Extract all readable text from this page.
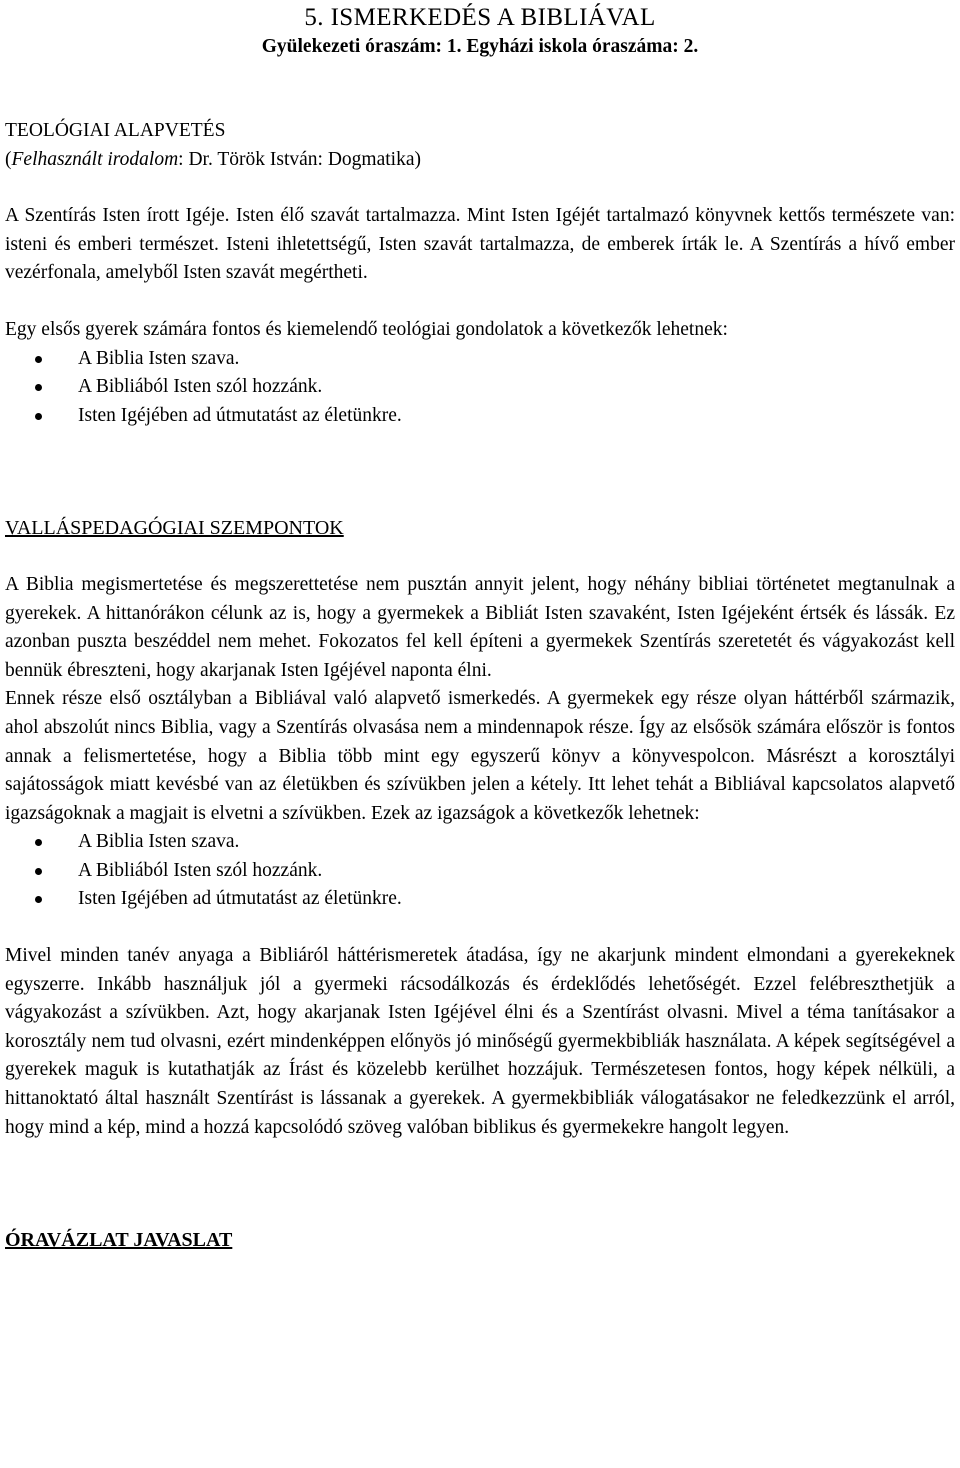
5. ISMERKEDÉS A BIBLIÁVAL

Gyülekezeti óraszám: 1. Egyházi iskola óraszáma: 2.

TEOLÓGIAI ALAPVETÉS

(Felhasznált irodalom: Dr. Török István: Dogmatika)

A Szentírás Isten írott Igéje. Isten élő szavát tartalmazza. Mint Isten Igéjét tartalmazó könyvnek kettős természete van: isteni és emberi természet. Isteni ihletettségű, Isten szavát tartalmazza, de emberek írták le. A Szentírás a hívő ember vezérfonala, amelyből Isten szavát megértheti.

Egy elsős gyerek számára fontos és kiemelendő teológiai gondolatok a következők lehetnek:

A Biblia Isten szava.
A Bibliából Isten szól hozzánk.
Isten Igéjében ad útmutatást az életünkre.

VALLÁSPEDAGÓGIAI SZEMPONTOK

A Biblia megismertetése és megszerettetése nem pusztán annyit jelent, hogy néhány bibliai történetet megtanulnak a gyerekek. A hittanórákon célunk az is, hogy a gyermekek a Bibliát Isten szavaként, Isten Igéjeként értsék és lássák. Ez azonban puszta beszéddel nem mehet. Fokozatos fel kell építeni a gyermekek Szentírás szeretetét és vágyakozást kell bennük ébreszteni, hogy akarjanak Isten Igéjével naponta élni.

Ennek része első osztályban a Bibliával való alapvető ismerkedés. A gyermekek egy része olyan háttérből származik, ahol abszolút nincs Biblia, vagy a Szentírás olvasása nem a mindennapok része. Így az elsősök számára először is fontos annak a felismertetése, hogy a Biblia több mint egy egyszerű könyv a könyvespolcon. Másrészt a korosztályi sajátosságok miatt kevésbé van az életükben és szívükben jelen a kétely. Itt lehet tehát a Bibliával kapcsolatos alapvető igazságoknak a magjait is elvetni a szívükben. Ezek az igazságok a következők lehetnek:

A Biblia Isten szava.
A Bibliából Isten szól hozzánk.
Isten Igéjében ad útmutatást az életünkre.

Mivel minden tanév anyaga a Bibliáról háttérismeretek átadása, így ne akarjunk mindent elmondani a gyerekeknek egyszerre. Inkább használjuk jól a gyermeki rácsodálkozás és érdeklődés lehetőségét. Ezzel felébreszthetjük a vágyakozást a szívükben. Azt, hogy akarjanak Isten Igéjével élni és a Szentírást olvasni. Mivel a téma tanításakor a korosztály nem tud olvasni, ezért mindenképpen előnyös jó minőségű gyermekbibliák használata. A képek segítségével a gyerekek maguk is kutathatják az Írást és közelebb kerülhet hozzájuk. Természetesen fontos, hogy képek nélküli, a hittanoktató által használt Szentírást is lássanak a gyerekek. A gyermekbibliák válogatásakor ne feledkezzünk el arról, hogy mind a kép, mind a hozzá kapcsolódó szöveg valóban biblikus és gyermekekre hangolt legyen.

ÓRAVÁZLAT JAVASLAT
